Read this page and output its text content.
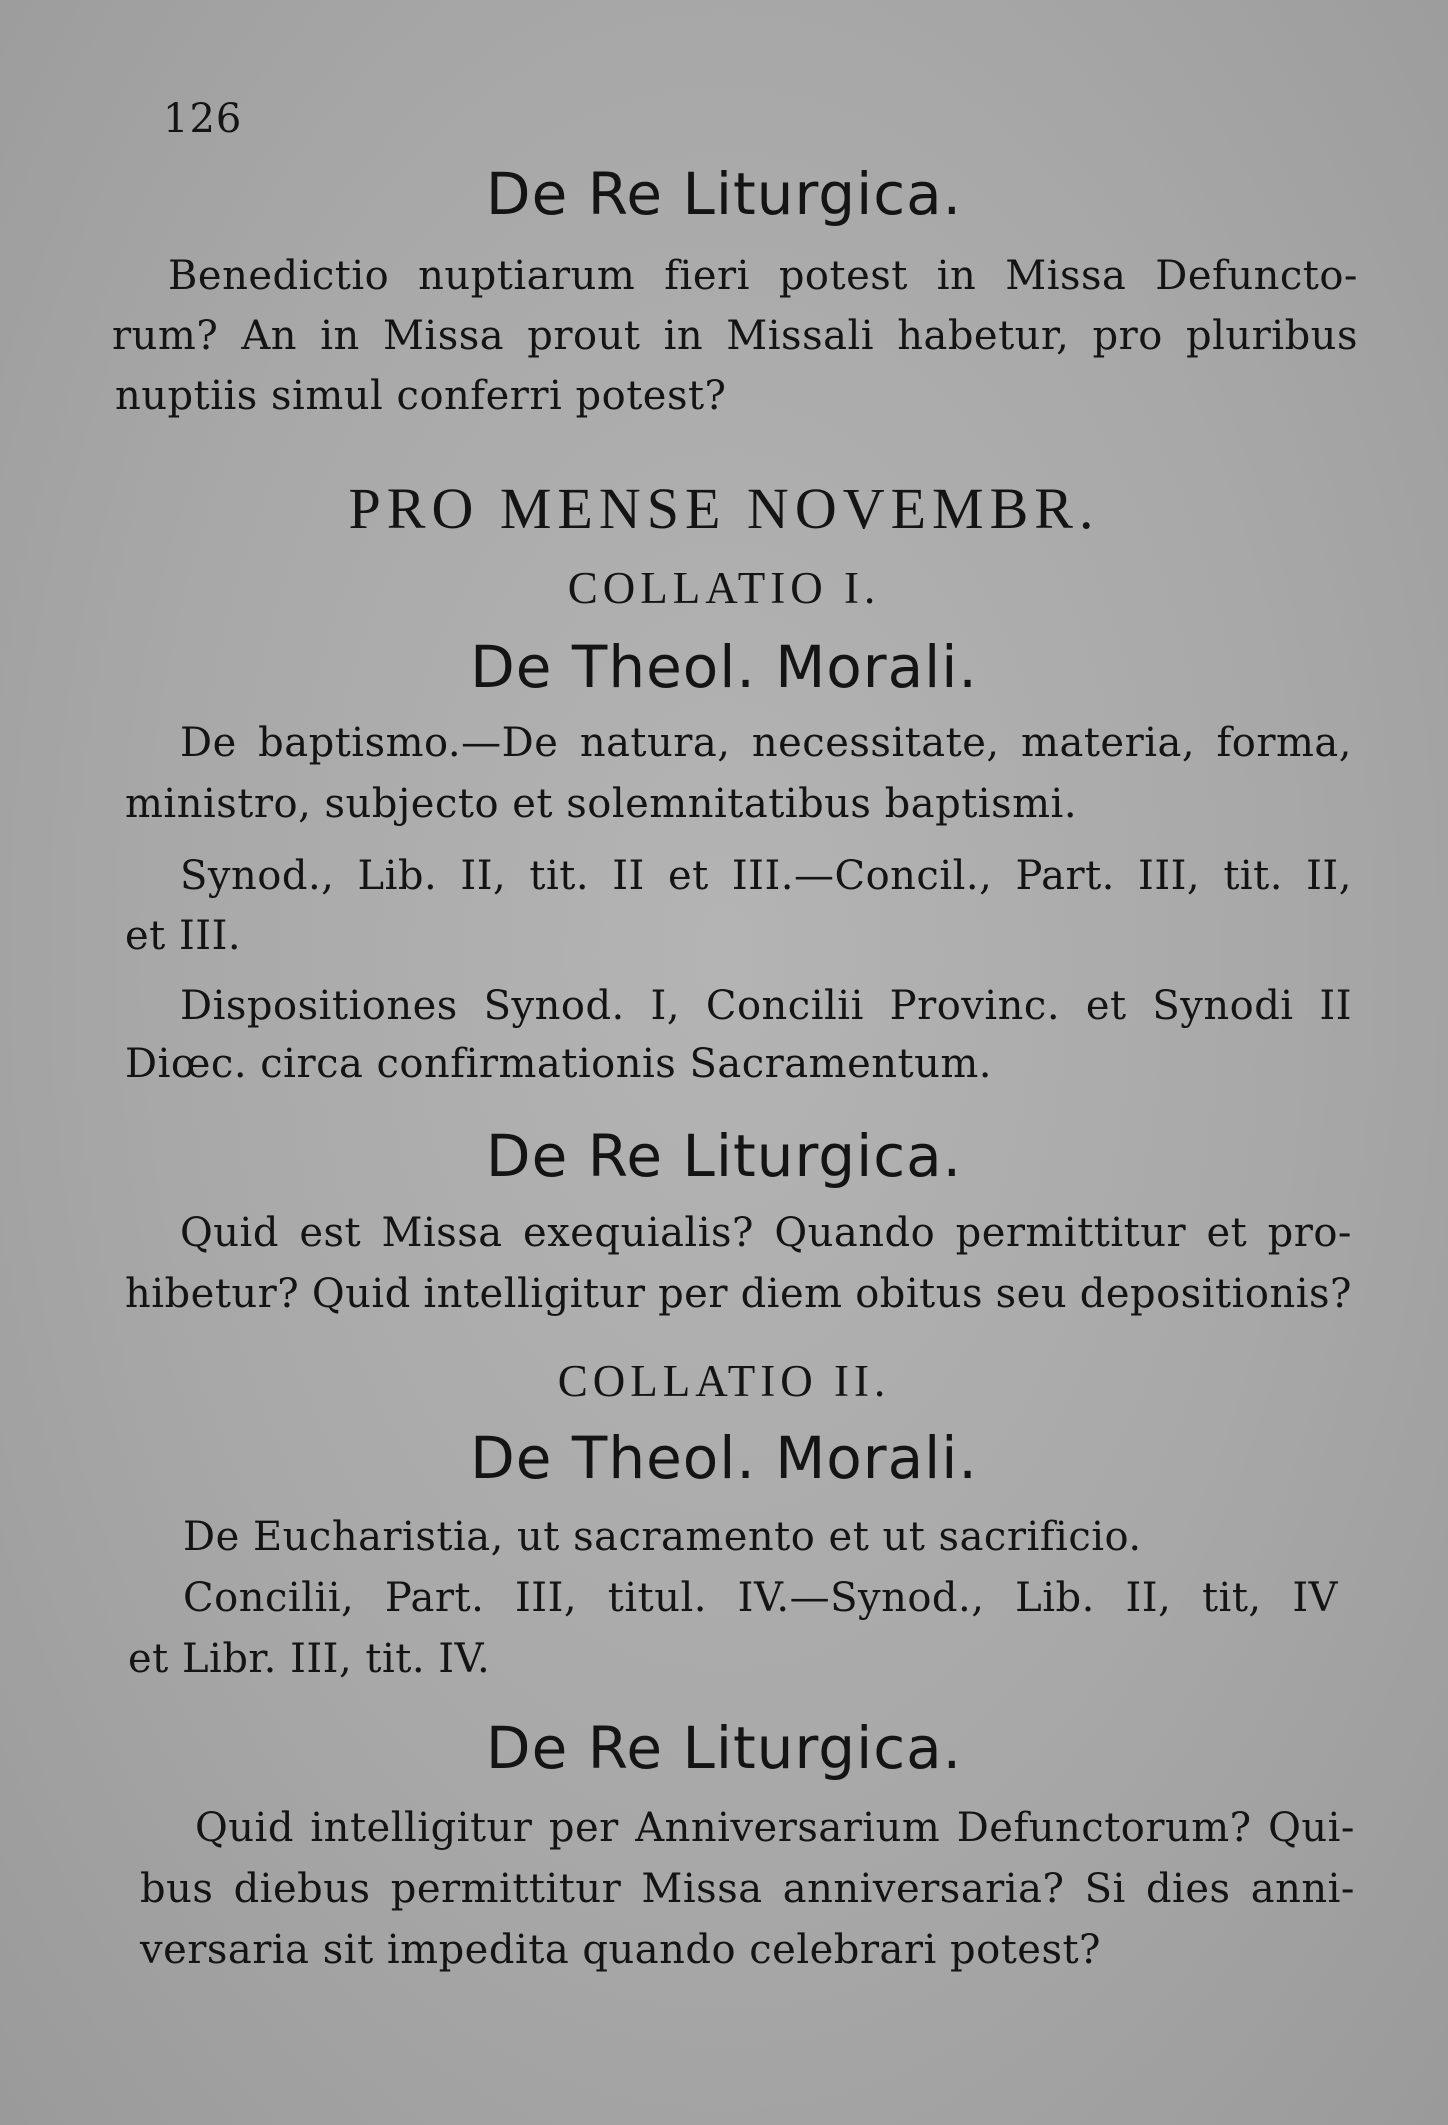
126
De Re Liturgica.
Benedictio nuptiarum fieri potest in Missa Defuncto-
rum? An in Missa prout in Missali habetur, pro pluribus
nuptiis simul conferri potest?
PRO MENSE NOVEMBR.
COLLATIO I.
De Theol. Morali.
De baptismo.—De natura, necessitate, materia, forma,
ministro, subjecto et solemnitatibus baptismi.
Synod., Lib. II, tit. II et III.—Concil., Part. III, tit. II,
et III.
Dispositiones Synod. I, Concilii Provinc. et Synodi II
Diœc. circa confirmationis Sacramentum.
De Re Liturgica.
Quid est Missa exequialis? Quando permittitur et pro-
hibetur? Quid intelligitur per diem obitus seu depositionis?
COLLATIO II.
De Theol. Morali.
De Eucharistia, ut sacramento et ut sacrificio.
Concilii, Part. III, titul. IV.—Synod., Lib. II, tit, IV
et Libr. III, tit. IV.
De Re Liturgica.
Quid intelligitur per Anniversarium Defunctorum? Qui-
bus diebus permittitur Missa anniversaria? Si dies anni-
versaria sit impedita quando celebrari potest?
